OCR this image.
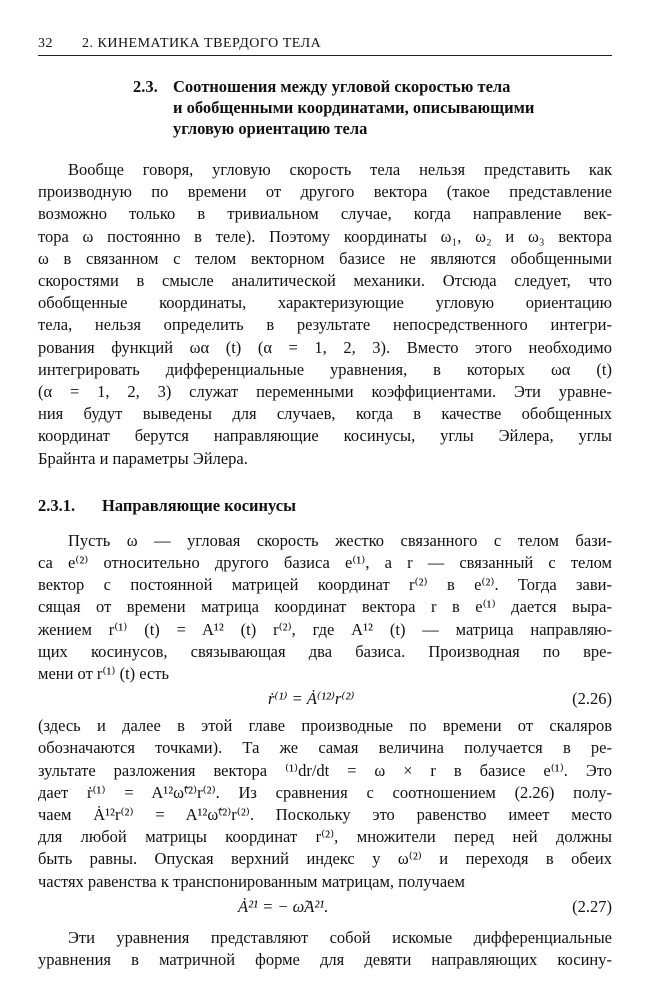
32	2. КИНЕМАТИКА ТВЕРДОГО ТЕЛА
2.3. Соотношения между угловой скоростью тела
и обобщенными координатами, описывающими
угловую ориентацию тела

Вообще говоря, угловую скорость тела нельзя представить как
производную по времени от другого вектора (такое представление
возможно только в тривиальном случае, когда направление век-
тора ω постоянно в теле). Поэтому координаты ω₁, ω₂ и ω₃ вектора
ω в связанном с телом векторном базисе не являются обобщенными
скоростями в смысле аналитической механики. Отсюда следует, что
обобщенные координаты, характеризующие угловую ориентацию
тела, нельзя определить в результате непосредственного интегри-
рования функций ωα (t) (α = 1, 2, 3). Вместо этого необходимо
интегрировать дифференциальные уравнения, в которых ωα (t)
(α = 1, 2, 3) служат переменными коэффициентами. Эти уравне-
ния будут выведены для случаев, когда в качестве обобщенных
координат берутся направляющие косинусы, углы Эйлера, углы
Брайнта и параметры Эйлера.

2.3.1. Направляющие косинусы

Пусть ω — угловая скорость жестко связанного с телом бази-
са e⁽²⁾ относительно другого базиса e⁽¹⁾, а r — связанный с телом
вектор с постоянной матрицей координат r⁽²⁾ в e⁽²⁾. Тогда зави-
сящая от времени матрица координат вектора r в e⁽¹⁾ дается выра-
жением r⁽¹⁾ (t) = A¹² (t) r⁽²⁾, где A¹² (t) — матрица направляю-
щих косинусов, связывающая два базиса. Производная по вре-
мени от r⁽¹⁾ (t) есть

ṙ⁽¹⁾ = Ȧ⁽¹²⁾r⁽²⁾	(2.26)

(здесь и далее в этой главе производные по времени от скаляров
обозначаются точками). Та же самая величина получается в ре-
зультате разложения вектора ⁽¹⁾dr/dt = ω × r в базисе e⁽¹⁾. Это
дает ṙ⁽¹⁾ = A¹²ω̃⁽²⁾r⁽²⁾. Из сравнения с соотношением (2.26) полу-
чаем Ȧ¹²r⁽²⁾ = A¹²ω̃⁽²⁾r⁽²⁾. Поскольку это равенство имеет место
для любой матрицы координат r⁽²⁾, множители перед ней должны
быть равны. Опуская верхний индекс у ω⁽²⁾ и переходя в обеих
частях равенства к транспонированным матрицам, получаем

Ȧ²¹ = − ω̃A²¹.	(2.27)

Эти уравнения представляют собой искомые дифференциальные
уравнения в матричной форме для девяти направляющих косину-
